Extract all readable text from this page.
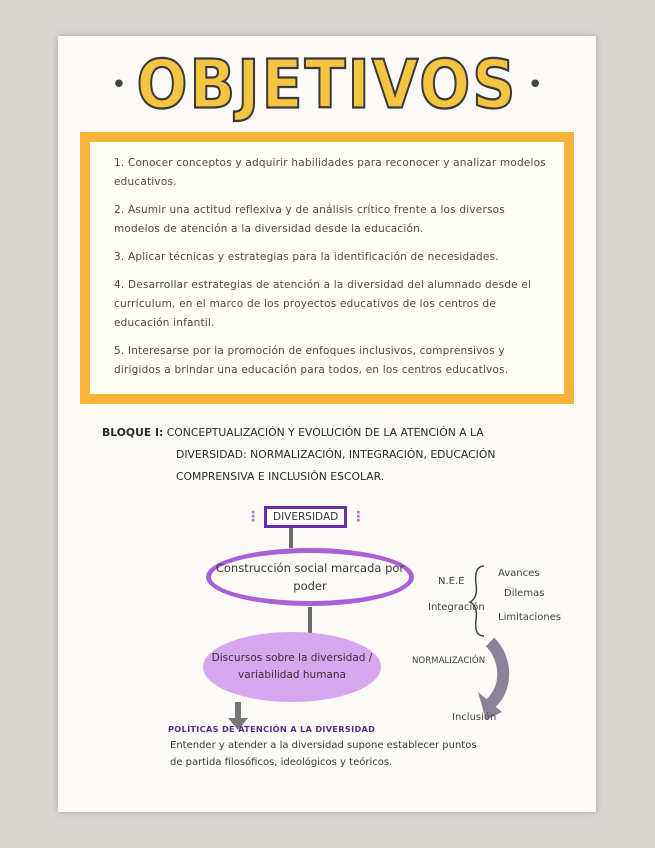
• OBJETIVOS •
1. Conocer conceptos y adquirir habilidades para reconocer y analizar modelos educativos.
2. Asumir una actitud reflexiva y de análisis crítico frente a los diversos modelos de atención a la diversidad desde la educación.
3. Aplicar técnicas y estrategias para la identificación de necesidades.
4. Desarrollar estrategias de atención a la diversidad del alumnado desde el currículum, en el marco de los proyectos educativos de los centros de educación infantil.
5. Interesarse por la promoción de enfoques inclusivos, comprensivos y dirigidos a brindar una educación para todos, en los centros educativos.
BLOQUE I: CONCEPTUALIZACIÓN Y EVOLUCIÓN DE LA ATENCIÓN A LA
DIVERSIDAD: NORMALIZACIÓN, INTEGRACIÓN, EDUCACIÓN
COMPRENSIVA E INCLUSIÓN ESCOLAR.
⋮	DIVERSIDAD ⋮
Construcción social marcada por poder
Discursos sobre la diversidad / variabilidad humana
N.E.E
Integración
Avances
Dilemas
Limitaciones
NORMALIZACIÓN
Inclusión
POLÍTICAS DE ATENCIÓN A LA DIVERSIDAD
Entender y atender a la diversidad supone establecer puntos de partida filosóficos, ideológicos y teóricos.
